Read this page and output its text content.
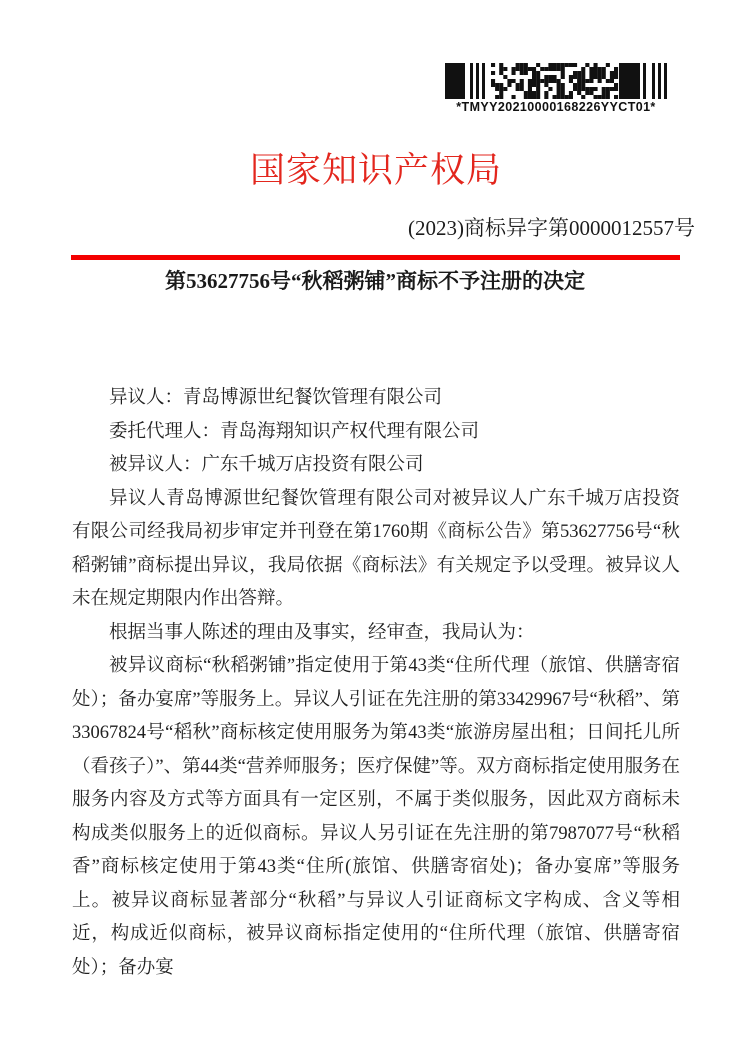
*TMYY20210000168226YYCT01*
国家知识产权局
(2023)商标异字第0000012557号
第53627756号“秋稻粥铺”商标不予注册的决定

异议人：青岛博源世纪餐饮管理有限公司

委托代理人：青岛海翔知识产权代理有限公司

被异议人：广东千城万店投资有限公司

异议人青岛博源世纪餐饮管理有限公司对被异议人广东千城万店投资有限公司经我局初步审定并刊登在第1760期《商标公告》第53627756号“秋稻粥铺”商标提出异议，我局依据《商标法》有关规定予以受理。被异议人未在规定期限内作出答辩。

根据当事人陈述的理由及事实，经审查，我局认为：

被异议商标“秋稻粥铺”指定使用于第43类“住所代理（旅馆、供膳寄宿处）；备办宴席”等服务上。异议人引证在先注册的第33429967号“秋稻”、第33067824号“稻秋”商标核定使用服务为第43类“旅游房屋出租；日间托儿所（看孩子）”、第44类“营养师服务；医疗保健”等。双方商标指定使用服务在服务内容及方式等方面具有一定区别，不属于类似服务，因此双方商标未构成类似服务上的近似商标。异议人另引证在先注册的第7987077号“秋稻香”商标核定使用于第43类“住所(旅馆、供膳寄宿处)；备办宴席”等服务上。被异议商标显著部分“秋稻”与异议人引证商标文字构成、含义等相近，构成近似商标，被异议商标指定使用的“住所代理（旅馆、供膳寄宿处）；备办宴
